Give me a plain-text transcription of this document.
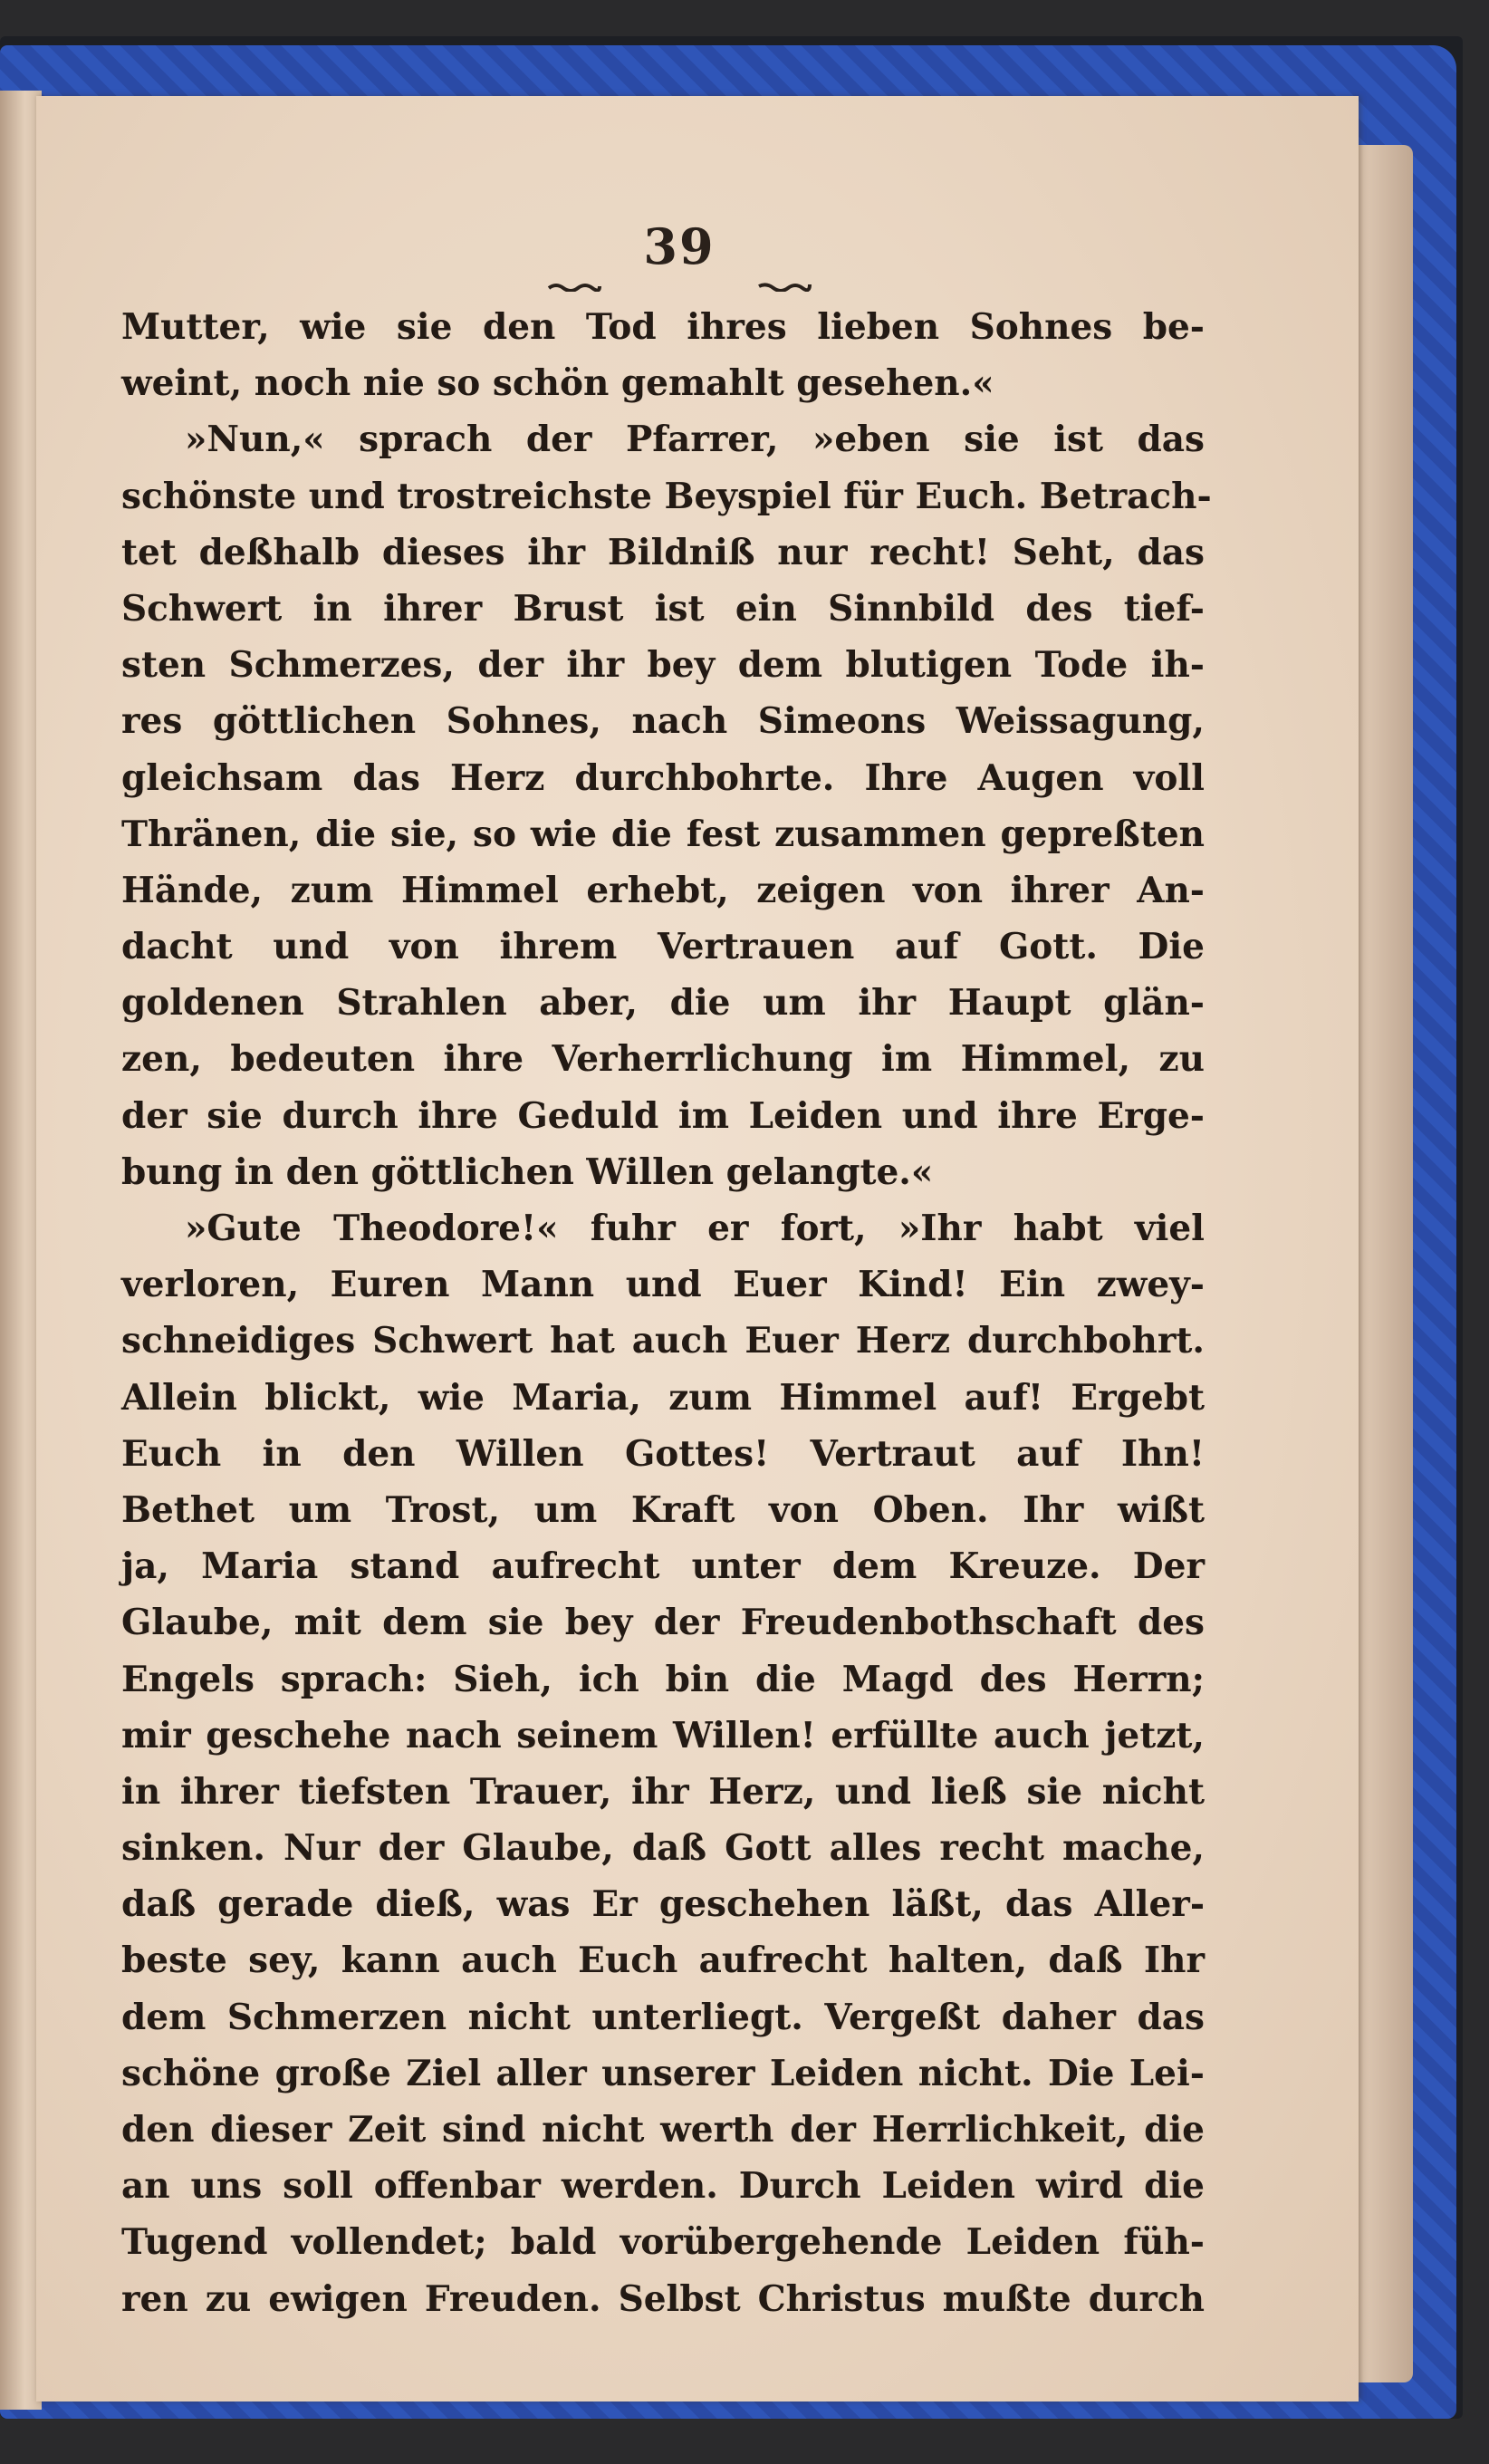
39
Mutter, wie sie den Tod ihres lieben Sohnes be-
weint, noch nie so schön gemahlt gesehen.«
»Nun,« sprach der Pfarrer, »eben sie ist das
schönste und trostreichste Beyspiel für Euch. Betrach-
tet deßhalb dieses ihr Bildniß nur recht! Seht, das
Schwert in ihrer Brust ist ein Sinnbild des tief-
sten Schmerzes, der ihr bey dem blutigen Tode ih-
res göttlichen Sohnes, nach Simeons Weissagung,
gleichsam das Herz durchbohrte. Ihre Augen voll
Thränen, die sie, so wie die fest zusammen gepreßten
Hände, zum Himmel erhebt, zeigen von ihrer An-
dacht und von ihrem Vertrauen auf Gott. Die
goldenen Strahlen aber, die um ihr Haupt glän-
zen, bedeuten ihre Verherrlichung im Himmel, zu
der sie durch ihre Geduld im Leiden und ihre Erge-
bung in den göttlichen Willen gelangte.«
»Gute Theodore!« fuhr er fort, »Ihr habt viel
verloren, Euren Mann und Euer Kind! Ein zwey-
schneidiges Schwert hat auch Euer Herz durchbohrt.
Allein blickt, wie Maria, zum Himmel auf! Ergebt
Euch in den Willen Gottes! Vertraut auf Ihn!
Bethet um Trost, um Kraft von Oben. Ihr wißt
ja, Maria stand aufrecht unter dem Kreuze. Der
Glaube, mit dem sie bey der Freudenbothschaft des
Engels sprach: Sieh, ich bin die Magd des Herrn;
mir geschehe nach seinem Willen! erfüllte auch jetzt,
in ihrer tiefsten Trauer, ihr Herz, und ließ sie nicht
sinken. Nur der Glaube, daß Gott alles recht mache,
daß gerade dieß, was Er geschehen läßt, das Aller-
beste sey, kann auch Euch aufrecht halten, daß Ihr
dem Schmerzen nicht unterliegt. Vergeßt daher das
schöne große Ziel aller unserer Leiden nicht. Die Lei-
den dieser Zeit sind nicht werth der Herrlichkeit, die
an uns soll offenbar werden. Durch Leiden wird die
Tugend vollendet; bald vorübergehende Leiden füh-
ren zu ewigen Freuden. Selbst Christus mußte durch
